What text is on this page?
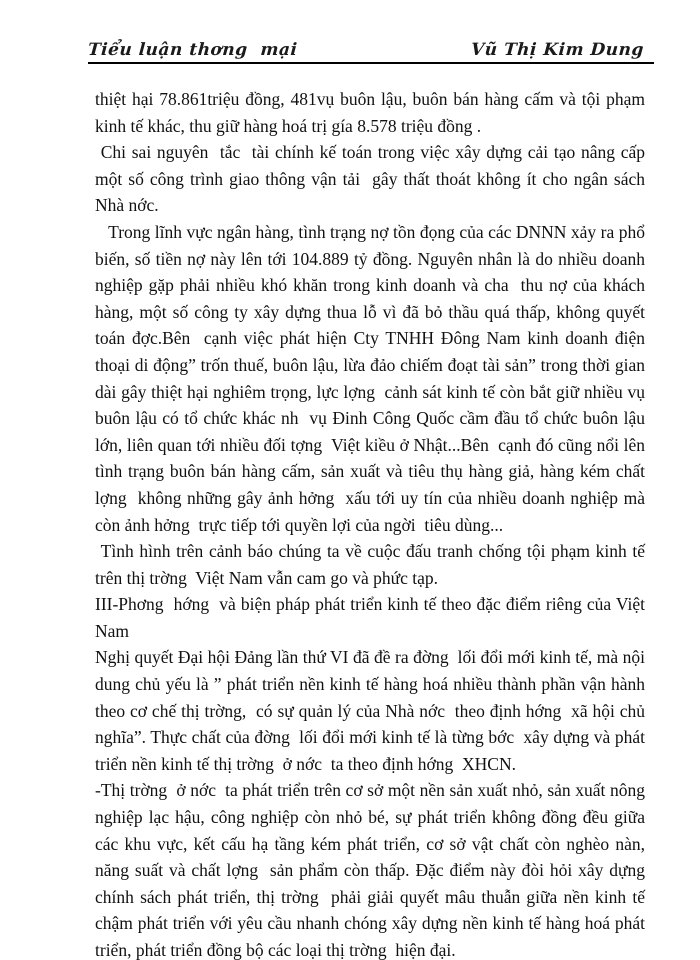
Tiểu luận thơng  mại	Vũ Thị Kim Dung

thiệt hại 78.861triệu đồng, 481vụ buôn lậu, buôn bán hàng cấm và tội phạm kinh tế khác, thu giữ hàng hoá trị gía 8.578 triệu đồng .

Chi sai nguyên  tắc  tài chính kế toán trong việc xây dựng cải tạo nâng cấp một số công trình giao thông vận tải  gây thất thoát không ít cho ngân sách Nhà nớc.

Trong lĩnh vực ngân hàng, tình trạng nợ tồn đọng của các DNNN xảy ra phổ biến, số tiền nợ này lên tới 104.889 tỷ đồng. Nguyên nhân là do nhiều doanh nghiệp gặp phải nhiều khó khăn trong kinh doanh và cha  thu nợ của khách hàng, một số công ty xây dựng thua lỗ vì đã bỏ thầu quá thấp, không quyết toán đợc.Bên  cạnh việc phát hiện Cty TNHH Đông Nam kinh doanh điện thoại di động” trốn thuế, buôn lậu, lừa đảo chiếm đoạt tài sản” trong thời gian dài gây thiệt hại nghiêm trọng, lực lợng  cảnh sát kinh tế còn bắt giữ nhiều vụ buôn lậu có tổ chức khác nh  vụ Đinh Công Quốc cầm đầu tổ chức buôn lậu lớn, liên quan tới nhiều đối tợng  Việt kiều ở Nhật...Bên  cạnh đó cũng nổi lên tình trạng buôn bán hàng cấm, sản xuất và tiêu thụ hàng giả, hàng kém chất lợng  không những gây ảnh hởng  xấu tới uy tín của nhiều doanh nghiệp mà còn ảnh hởng  trực tiếp tới quyền lợi của ngời  tiêu dùng...

Tình hình trên cảnh báo chúng ta về cuộc đấu tranh chống tội phạm kinh tế trên thị trờng  Việt Nam vẫn cam go và phức tạp.

III-Phơng  hớng  và biện pháp phát triển kinh tế theo đặc điểm riêng của Việt Nam

Nghị quyết Đại hội Đảng lần thứ VI đã đề ra đờng  lối đổi mới kinh tế, mà nội dung chủ yếu là ” phát triển nền kinh tế hàng hoá nhiều thành phần vận hành theo cơ chế thị trờng,  có sự quản lý của Nhà nớc  theo định hớng  xã hội chủ nghĩa”. Thực chất của đờng  lối đổi mới kinh tế là từng bớc  xây dựng và phát triển nền kinh tế thị trờng  ở nớc  ta theo định hớng  XHCN.

-Thị trờng  ở nớc  ta phát triển trên cơ sở một nền sản xuất nhỏ, sản xuất nông nghiệp lạc hậu, công nghiệp còn nhỏ bé, sự phát triển không đồng đều giữa các khu vực, kết cấu hạ tầng kém phát triển, cơ sở vật chất còn nghèo nàn, năng suất và chất lợng  sản phẩm còn thấp. Đặc điểm này đòi hỏi xây dựng chính sách phát triển, thị trờng  phải giải quyết mâu thuẫn giữa nền kinh tế chậm phát triển với yêu cầu nhanh chóng xây dựng nền kinh tế hàng hoá phát triển, phát triển đồng bộ các loại thị trờng  hiện đại.
